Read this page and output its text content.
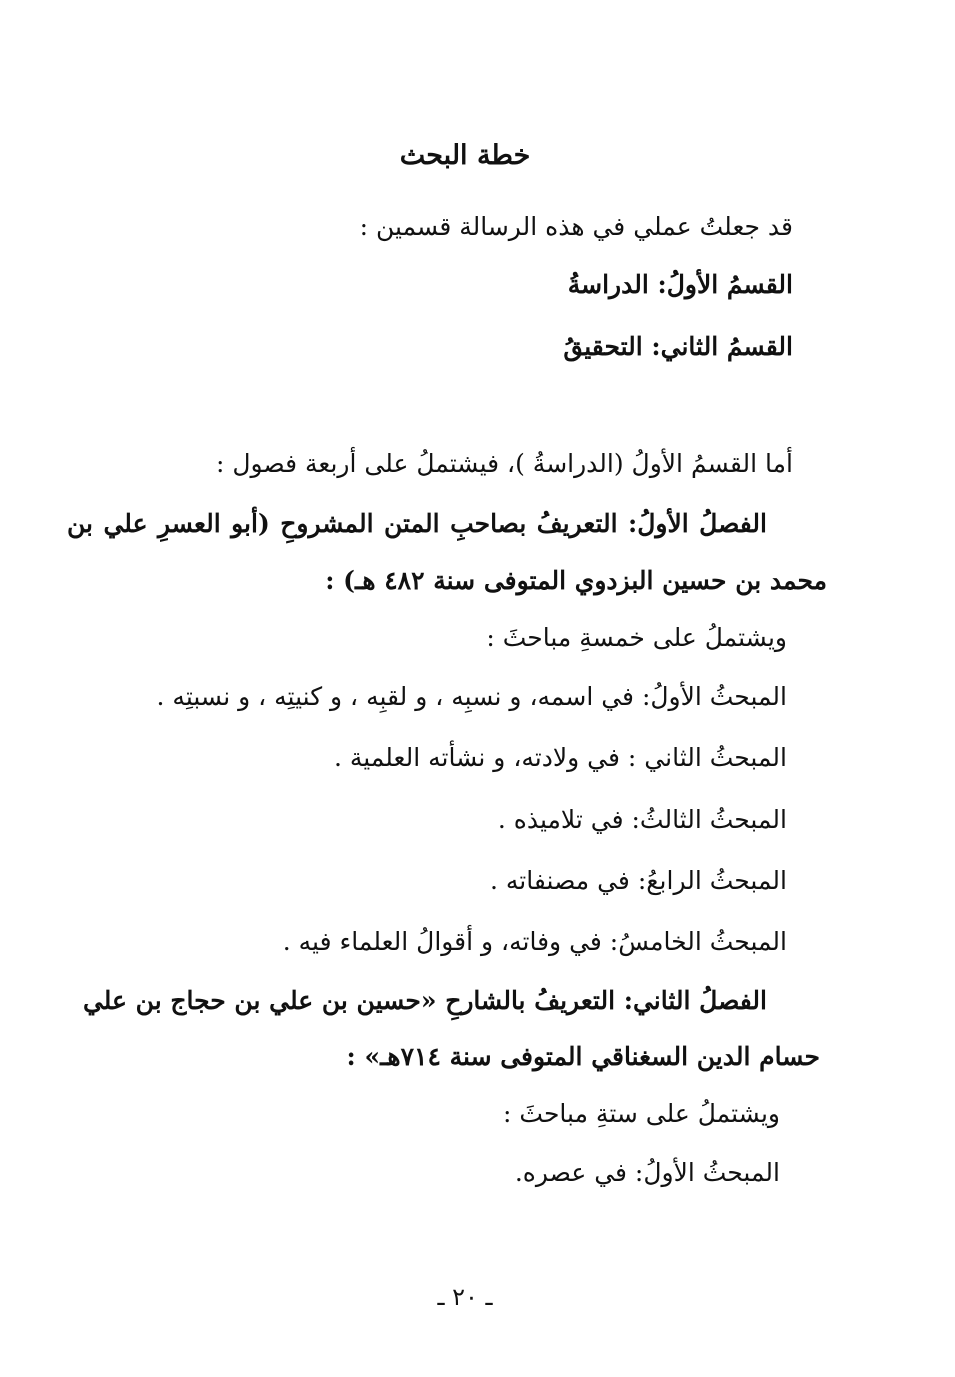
خطة البحث
قد جعلتُ عملي في هذه الرسالة قسمين :
القسمُ الأولُ: الدراسةُ
القسمُ الثاني: التحقيقُ
أما القسمُ الأولُ (الدراسةُ )، فيشتملُ على أربعة فصول :
الفصلُ الأولُ: التعريفُ بصاحبِ المتن المشروحِ (أبو العسرِ علي بن
محمد بن حسين البزدوي المتوفى سنة ٤٨٢ هـ) :
ويشتملُ على خمسةِ مباحثَ :
المبحثُ الأولُ: في اسمه، و نسبِه ، و لقبِه ، و كنيتِه ، و نسبتِه .
المبحثُ الثاني : في ولادته، و نشأته العلمية .
المبحثُ الثالثُ: في تلاميذه .
المبحثُ الرابعُ: في مصنفاته .
المبحثُ الخامسُ: في وفاته، و أقوالُ العلماء فيه .
الفصلُ الثاني: التعريفُ بالشارحِ «حسين بن علي بن حجاج بن علي
حسام الدين السغناقي المتوفى سنة ٧١٤هـ» :
ويشتملُ على ستةِ مباحثَ :
المبحثُ الأولُ: في عصره.
ـ ٢٠ ـ
